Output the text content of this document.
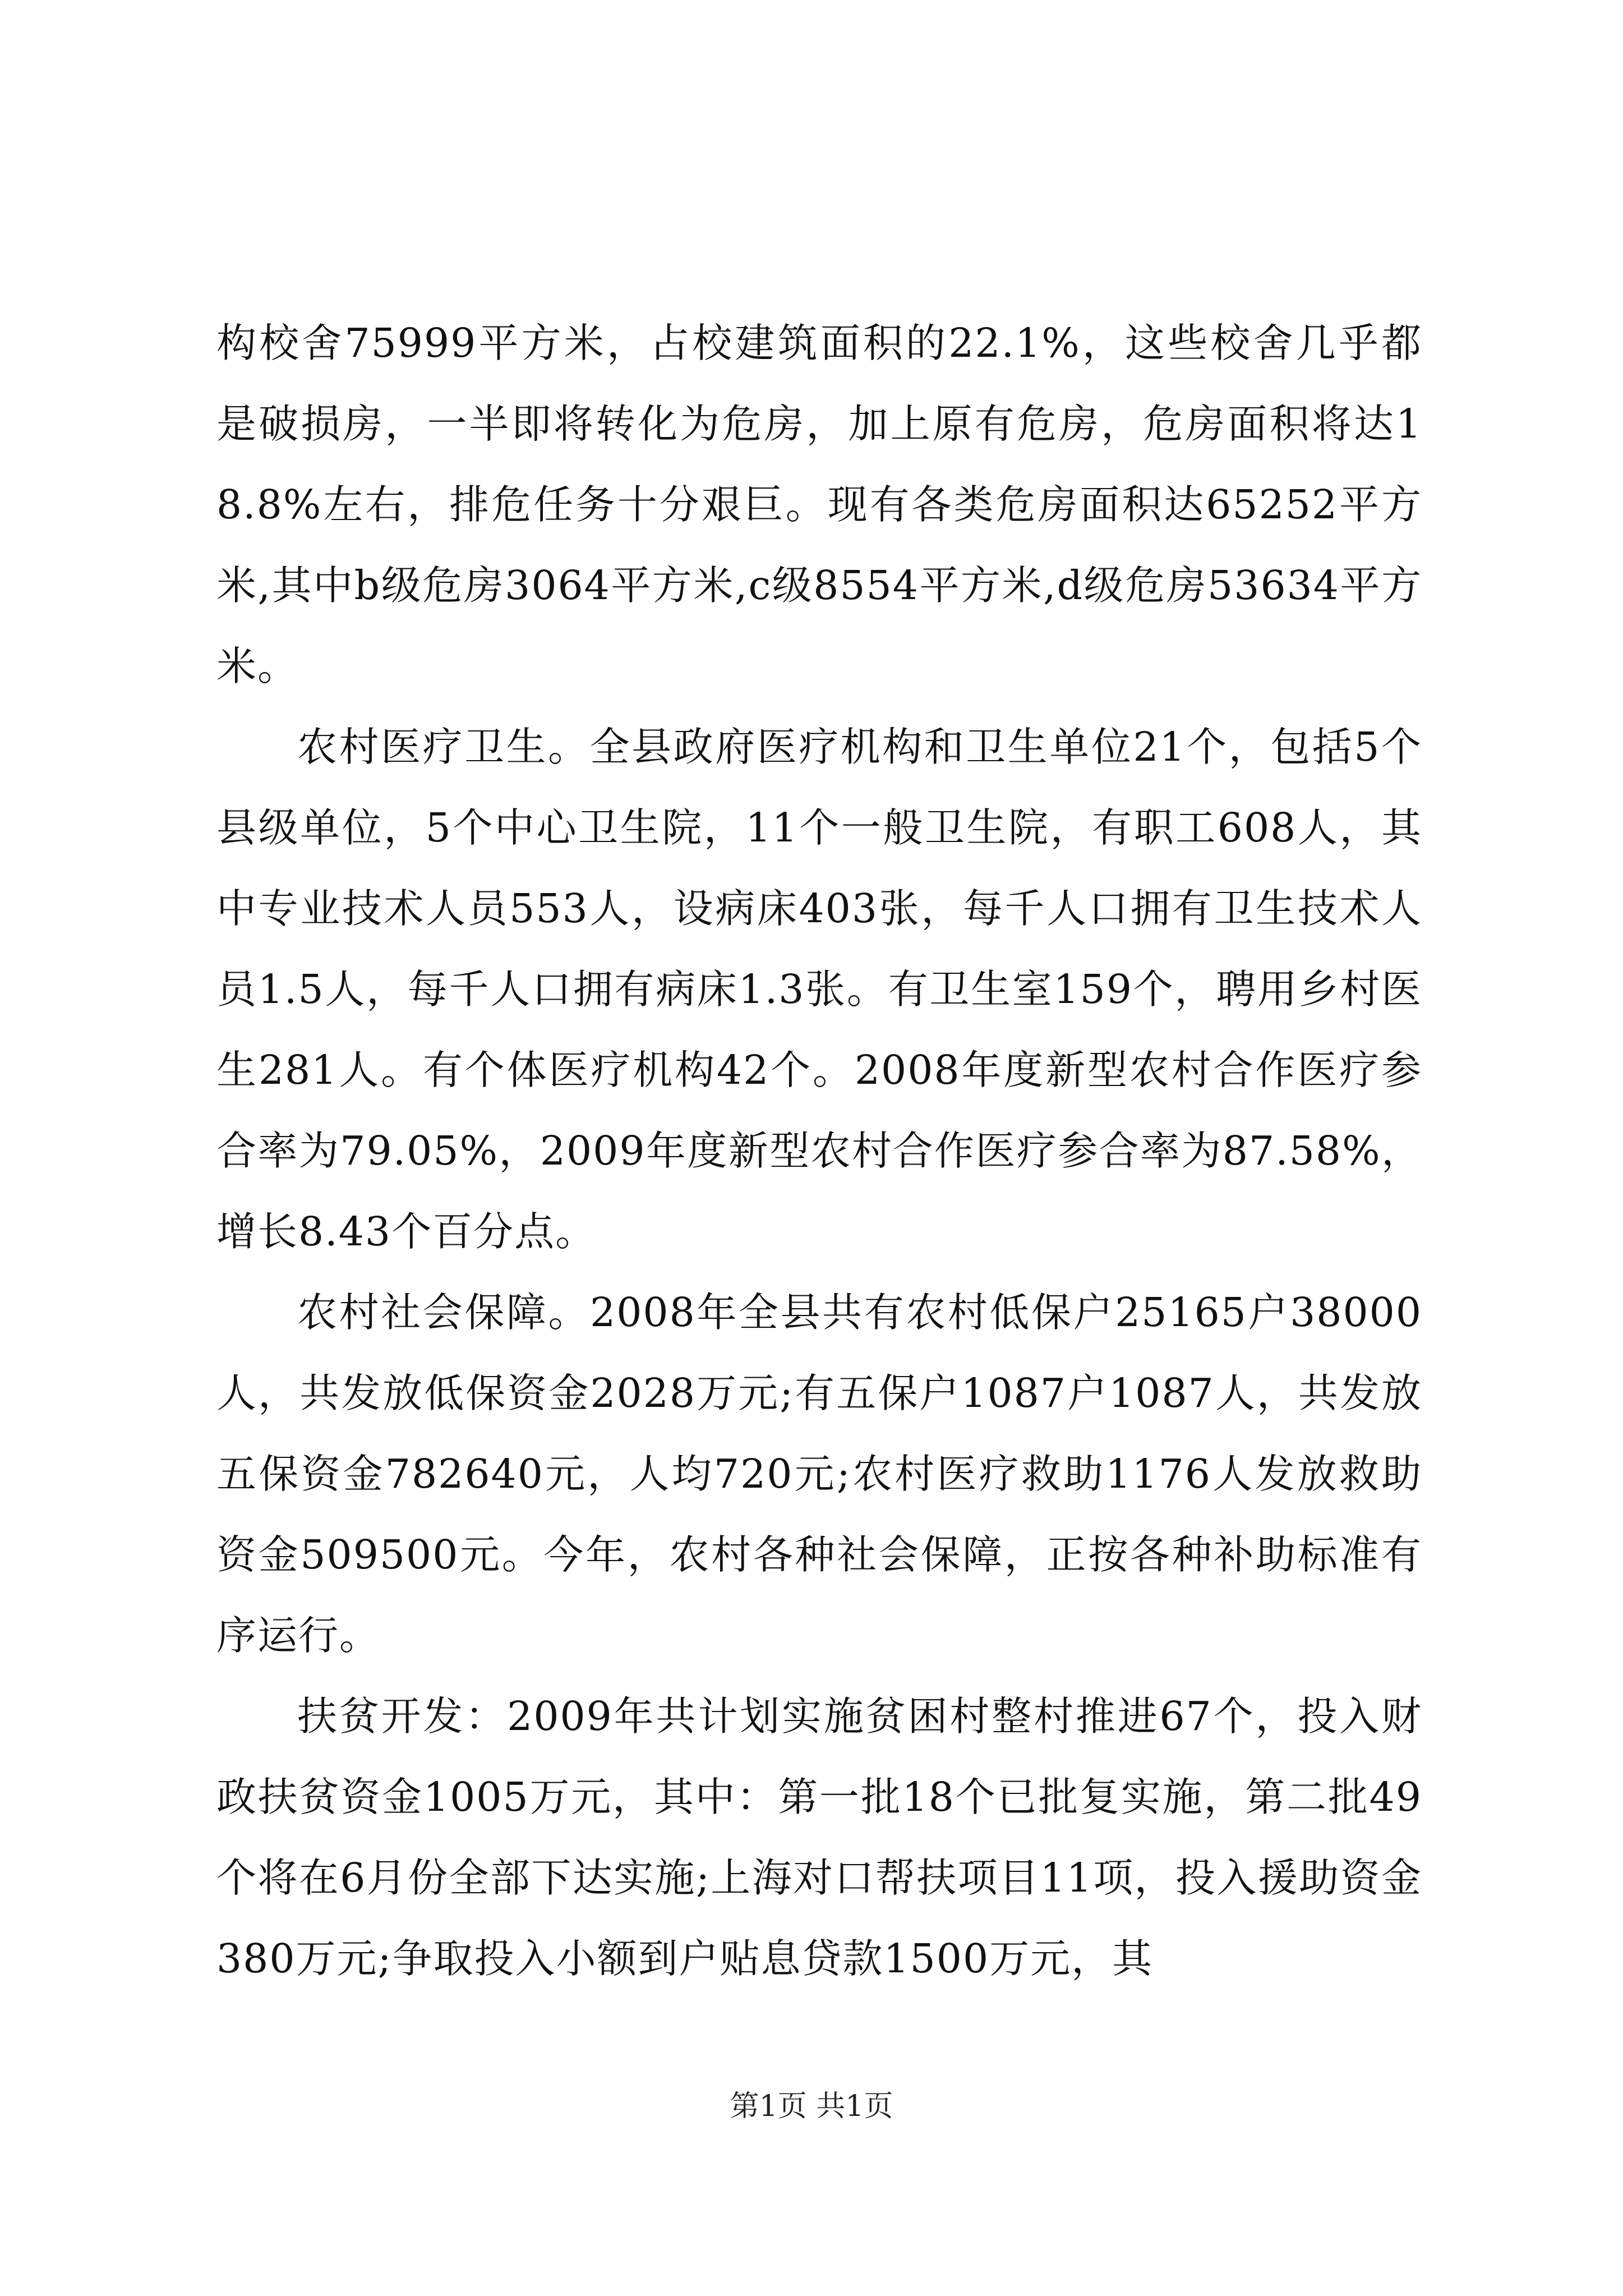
构校舍75999平方米，占校建筑面积的22.1%，这些校舍几乎都是破损房，一半即将转化为危房，加上原有危房，危房面积将达18.8%左右，排危任务十分艰巨。现有各类危房面积达65252平方米,其中b级危房3064平方米,c级8554平方米,d级危房53634平方米。

农村医疗卫生。全县政府医疗机构和卫生单位21个，包括5个县级单位，5个中心卫生院，11个一般卫生院，有职工608人，其中专业技术人员553人，设病床403张，每千人口拥有卫生技术人员1.5人，每千人口拥有病床1.3张。有卫生室159个，聘用乡村医生281人。有个体医疗机构42个。2008年度新型农村合作医疗参合率为79.05%，2009年度新型农村合作医疗参合率为87.58%，增长8.43个百分点。

农村社会保障。2008年全县共有农村低保户25165户38000人，共发放低保资金2028万元;有五保户1087户1087人，共发放五保资金782640元，人均720元;农村医疗救助1176人发放救助资金509500元。今年，农村各种社会保障，正按各种补助标准有序运行。

扶贫开发：2009年共计划实施贫困村整村推进67个，投入财政扶贫资金1005万元，其中：第一批18个已批复实施，第二批49个将在6月份全部下达实施;上海对口帮扶项目11项，投入援助资金380万元;争取投入小额到户贴息贷款1500万元，其

第1页 共1页
